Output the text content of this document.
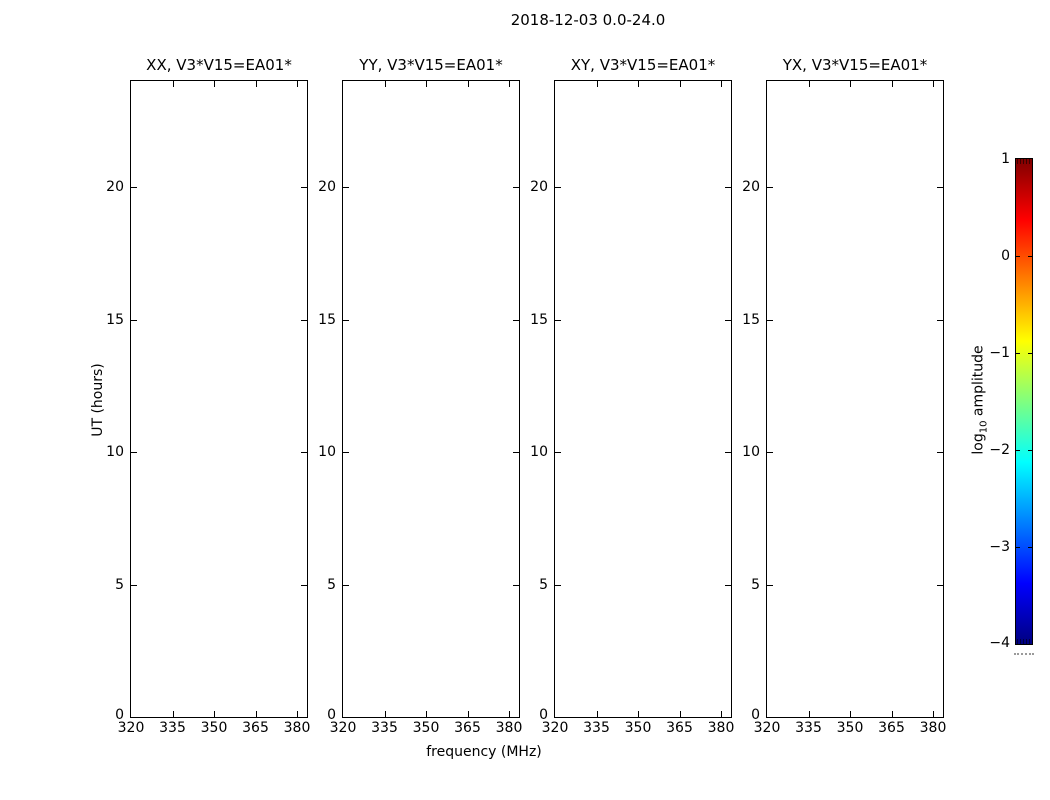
2018-12-03 0.0-24.0
UT (hours)
frequency (MHz)
XX, V3*V15=EA01*
320 335 350 365 380
0
5
10
15
20
YY, V3*V15=EA01*
320 335 350 365 380
0
5
10
15
20
XY, V3*V15=EA01*
320 335 350 365 380
0
5
10
15
20
YX, V3*V15=EA01*
320 335 350 365 380
0
5
10
15
20
1
0
−1
−2
−3
−4
$\log_{10}$ amplitude
